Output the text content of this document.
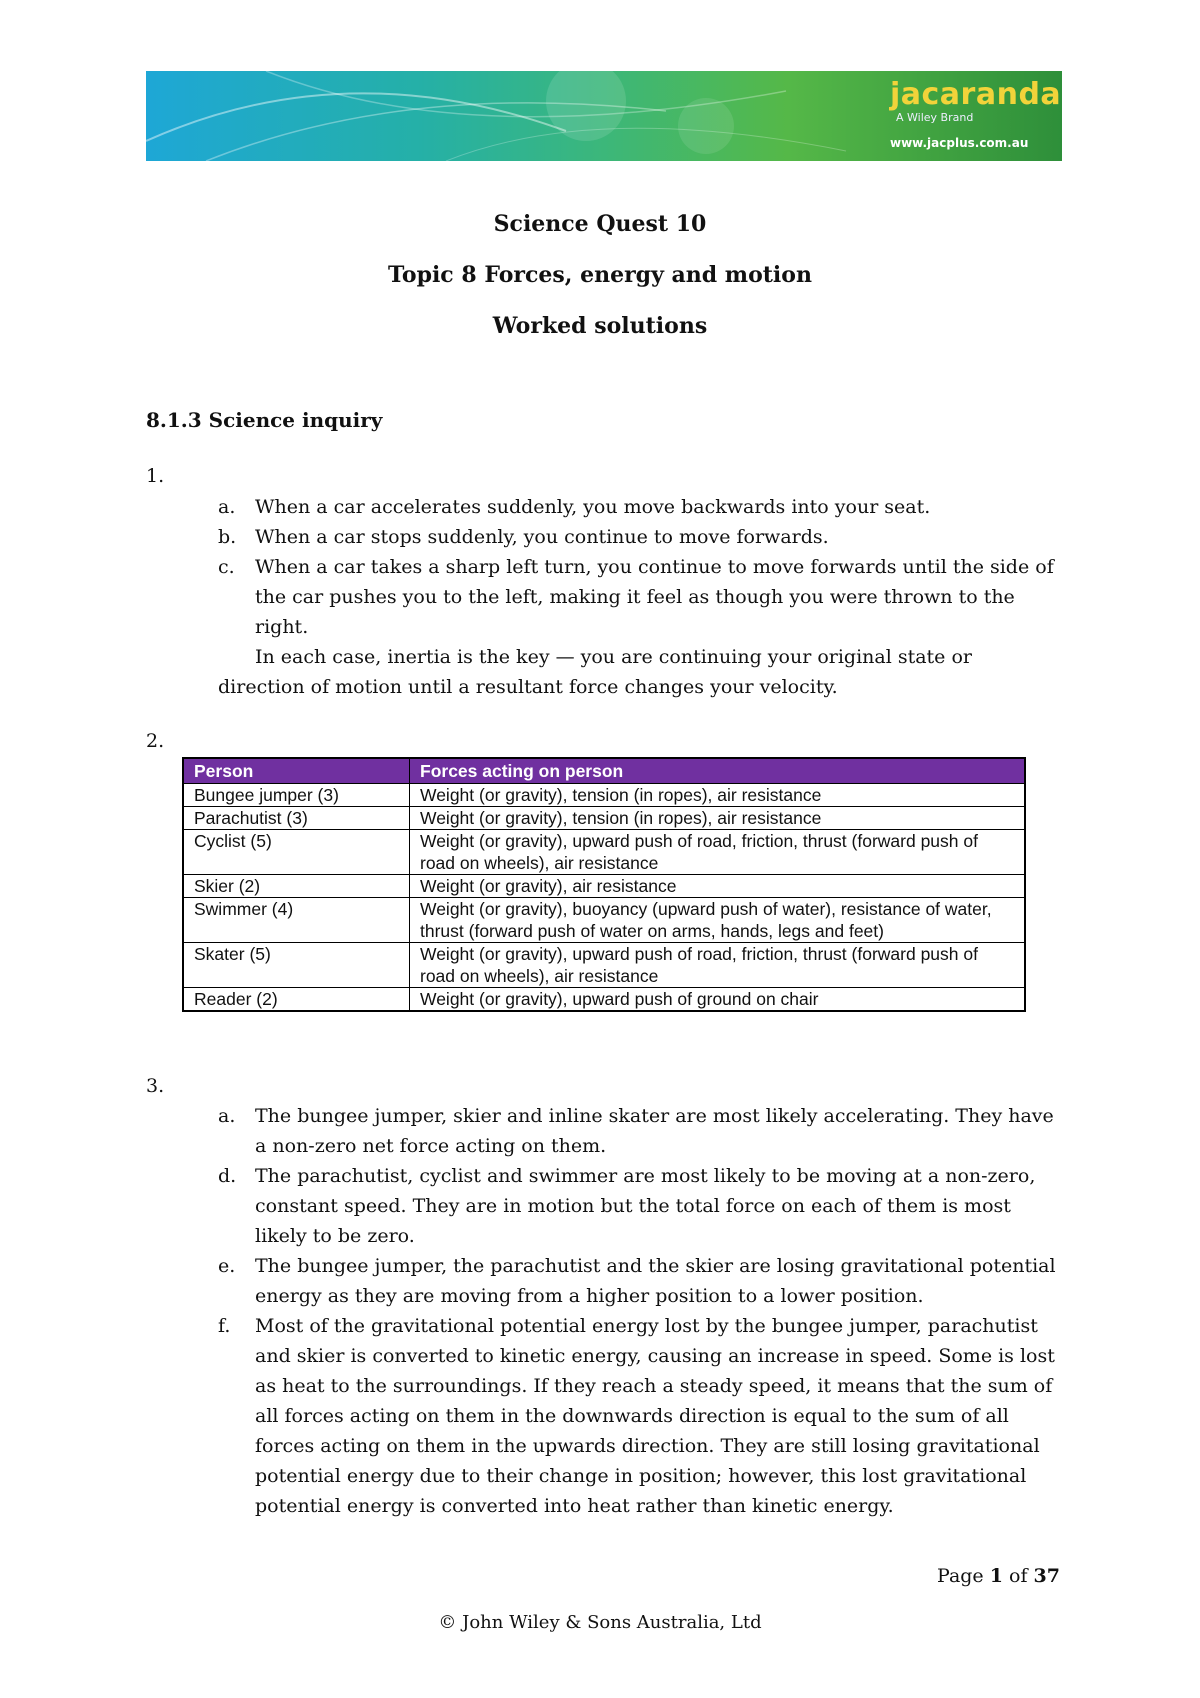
jacaranda
A Wiley Brand
www.jacplus.com.au
Science Quest 10
Topic 8 Forces, energy and motion
Worked solutions
8.1.3 Science inquiry
1.
a. When a car accelerates suddenly, you move backwards into your seat.
b. When a car stops suddenly, you continue to move forwards.
c. When a car takes a sharp left turn, you continue to move forwards until the side of the car pushes you to the left, making it feel as though you were thrown to the right.
In each case, inertia is the key — you are continuing your original state or
direction of motion until a resultant force changes your velocity.
2.
Person	Forces acting on person
Bungee jumper (3)	Weight (or gravity), tension (in ropes), air resistance
Parachutist (3)	Weight (or gravity), tension (in ropes), air resistance
Cyclist (5)	Weight (or gravity), upward push of road, friction, thrust (forward push of road on wheels), air resistance
Skier (2)	Weight (or gravity), air resistance
Swimmer (4)	Weight (or gravity), buoyancy (upward push of water), resistance of water, thrust (forward push of water on arms, hands, legs and feet)
Skater (5)	Weight (or gravity), upward push of road, friction, thrust (forward push of road on wheels), air resistance
Reader (2)	Weight (or gravity), upward push of ground on chair
3.
a. The bungee jumper, skier and inline skater are most likely accelerating. They have a non-zero net force acting on them.
d. The parachutist, cyclist and swimmer are most likely to be moving at a non-zero, constant speed. They are in motion but the total force on each of them is most likely to be zero.
e. The bungee jumper, the parachutist and the skier are losing gravitational potential energy as they are moving from a higher position to a lower position.
f. Most of the gravitational potential energy lost by the bungee jumper, parachutist and skier is converted to kinetic energy, causing an increase in speed. Some is lost as heat to the surroundings. If they reach a steady speed, it means that the sum of all forces acting on them in the downwards direction is equal to the sum of all forces acting on them in the upwards direction. They are still losing gravitational potential energy due to their change in position; however, this lost gravitational potential energy is converted into heat rather than kinetic energy.
Page 1 of 37
© John Wiley & Sons Australia, Ltd
